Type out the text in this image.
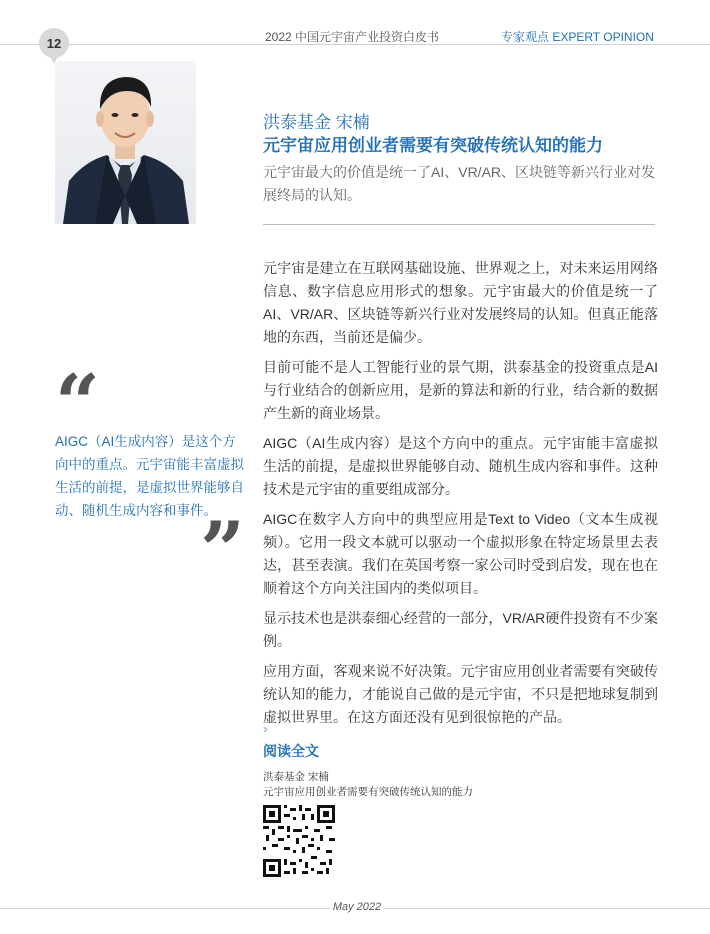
12	2022 中国元宇宙产业投资白皮书	专家观点 EXPERT OPINION
洪泰基金 宋楠
元宇宙应用创业者需要有突破传统认知的能力
元宇宙最大的价值是统一了AI、VR/AR、区块链等新兴行业对发展终局的认知。

元宇宙是建立在互联网基础设施、世界观之上，对未来运用网络信息、数字信息应用形式的想象。元宇宙最大的价值是统一了AI、VR/AR、区块链等新兴行业对发展终局的认知。但真正能落地的东西，当前还是偏少。

目前可能不是人工智能行业的景气期，洪泰基金的投资重点是AI与行业结合的创新应用，是新的算法和新的行业，结合新的数据产生新的商业场景。

AIGC（AI生成内容）是这个方向中的重点。元宇宙能丰富虚拟生活的前提，是虚拟世界能够自动、随机生成内容和事件。这种技术是元宇宙的重要组成部分。

AIGC在数字人方向中的典型应用是Text to Video（文本生成视频）。它用一段文本就可以驱动一个虚拟形象在特定场景里去表达，甚至表演。我们在英国考察一家公司时受到启发，现在也在顺着这个方向关注国内的类似项目。

显示技术也是洪泰细心经营的一部分，VR/AR硬件投资有不少案例。

应用方面，客观来说不好决策。元宇宙应用创业者需要有突破传统认知的能力，才能说自己做的是元宇宙，不只是把地球复制到虚拟世界里。在这方面还没有见到很惊艳的产品。

“
AIGC（AI生成内容）是这个方向中的重点。元宇宙能丰富虚拟生活的前提，是虚拟世界能够自动、随机生成内容和事件。
”
››
阅读全文
洪泰基金 宋楠
元宇宙应用创业者需要有突破传统认知的能力
May 2022
